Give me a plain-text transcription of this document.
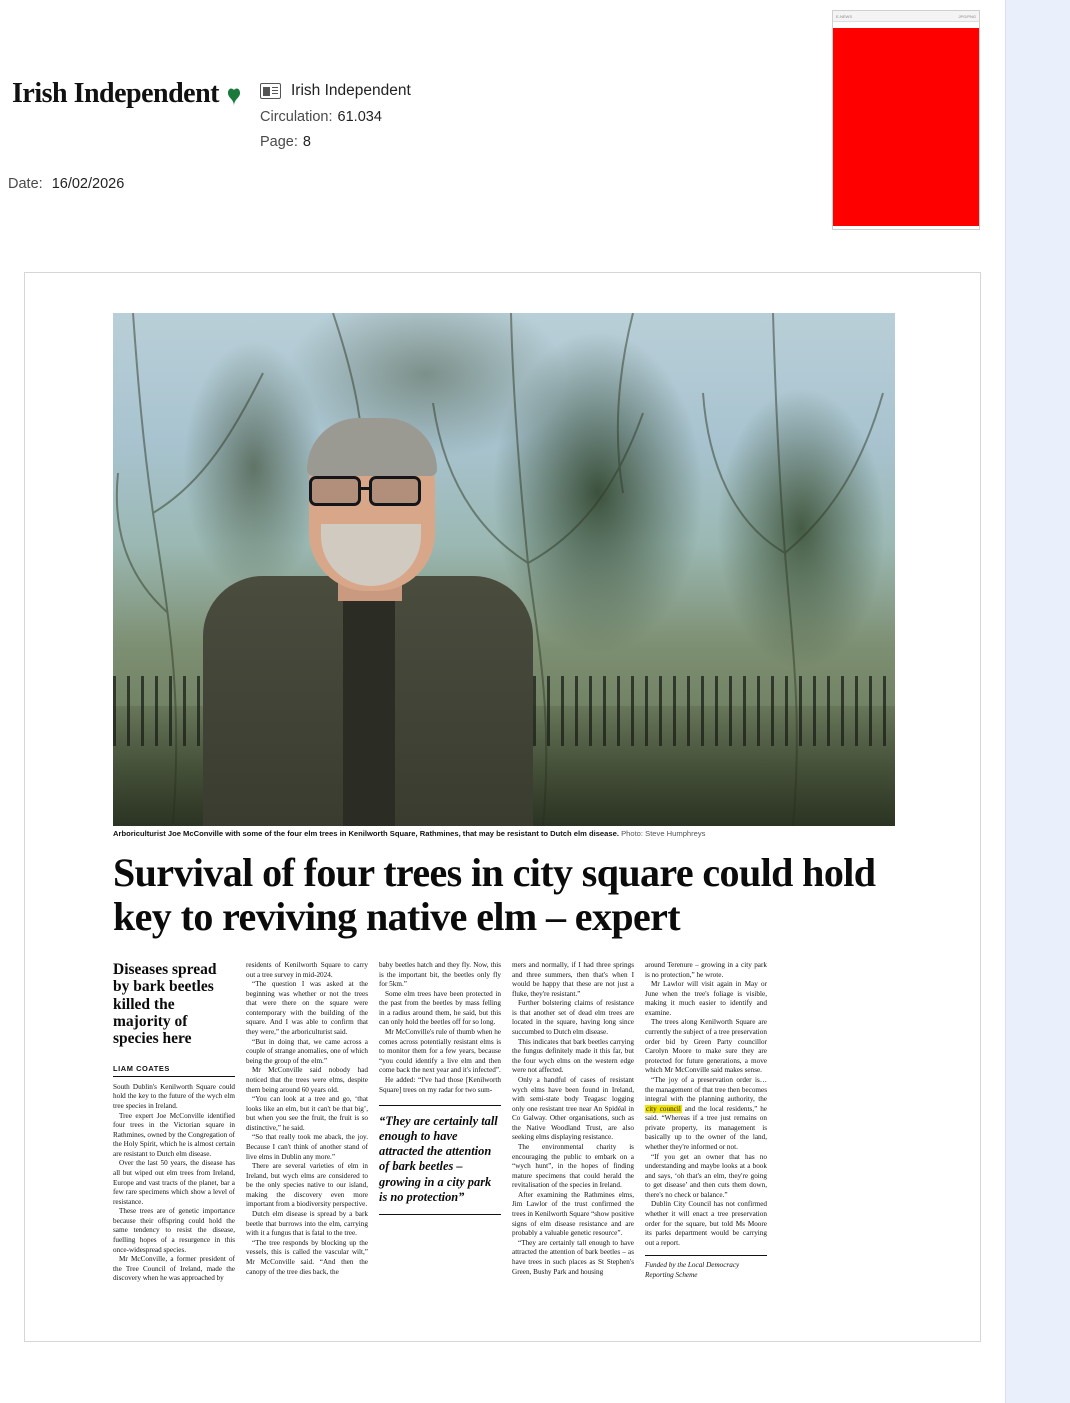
Irish Independent	Irish Independent
Circulation: 61.034
Page: 8
Date: 16/02/2026
E-NEWS	JPG/PNG
Arboriculturist Joe McConville with some of the four elm trees in Kenilworth Square, Rathmines, that may be resistant to Dutch elm disease. Photo: Steve Humphreys
Survival of four trees in city square could hold key to reviving native elm – expert
Diseases spread by bark beetles killed the majority of species here
LIAM COATES

South Dublin's Kenilworth Square could hold the key to the future of the wych elm tree species in Ireland.

Tree expert Joe McConville identified four trees in the Victorian square in Rathmines, owned by the Congregation of the Holy Spirit, which he is almost certain are resistant to Dutch elm disease.

Over the last 50 years, the disease has all but wiped out elm trees from Ireland, Europe and vast tracts of the planet, bar a few rare specimens which show a level of resistance.

These trees are of genetic importance because their offspring could hold the same tendency to resist the disease, fuelling hopes of a resurgence in this once-widespread species.

Mr McConville, a former president of the Tree Council of Ireland, made the discovery when he was approached by

residents of Kenilworth Square to carry out a tree survey in mid-2024.

“The question I was asked at the beginning was whether or not the trees that were there on the square were contemporary with the building of the square. And I was able to confirm that they were,” the arboriculturist said.

“But in doing that, we came across a couple of strange anomalies, one of which being the group of the elm.”

Mr McConville said nobody had noticed that the trees were elms, despite them being around 60 years old.

“You can look at a tree and go, ‘that looks like an elm, but it can't be that big’, but when you see the fruit, the fruit is so distinctive,” he said.

“So that really took me aback, the joy. Because I can't think of another stand of live elms in Dublin any more.”

There are several varieties of elm in Ireland, but wych elms are considered to be the only species native to our island, making the discovery even more important from a biodiversity perspective.

Dutch elm disease is spread by a bark beetle that burrows into the elm, carrying with it a fungus that is fatal to the tree.

“The tree responds by blocking up the vessels, this is called the vascular wilt,” Mr McConville said. “And then the canopy of the tree dies back, the

baby beetles hatch and they fly. Now, this is the important bit, the beetles only fly for 5km.”

Some elm trees have been protected in the past from the beetles by mass felling in a radius around them, he said, but this can only hold the beetles off for so long.

Mr McConville's rule of thumb when he comes across potentially resistant elms is to monitor them for a few years, because “you could identify a live elm and then come back the next year and it's infected”.

He added: “I've had those [Kenilworth Square] trees on my radar for two sum-

“They are certainly tall enough to have attracted the attention of bark beetles – growing in a city park is no protection”

mers and normally, if I had three springs and three summers, then that's when I would be happy that these are not just a fluke, they're resistant.”

Further bolstering claims of resistance is that another set of dead elm trees are located in the square, having long since succumbed to Dutch elm disease.

This indicates that bark beetles carrying the fungus definitely made it this far, but the four wych elms on the western edge were not affected.

Only a handful of cases of resistant wych elms have been found in Ireland, with semi-state body Teagasc logging only one resistant tree near An Spidéal in Co Galway. Other organisations, such as the Native Woodland Trust, are also seeking elms displaying resistance.

The environmental charity is encouraging the public to embark on a “wych hunt”, in the hopes of finding mature specimens that could herald the revitalisation of the species in Ireland.

After examining the Rathmines elms, Jim Lawlor of the trust confirmed the trees in Kenilworth Square “show positive signs of elm disease resistance and are probably a valuable genetic resource”.

“They are certainly tall enough to have attracted the attention of bark beetles – as have trees in such places as St Stephen's Green, Bushy Park and housing

around Terenure – growing in a city park is no protection,” he wrote.

Mr Lawlor will visit again in May or June when the tree's foliage is visible, making it much easier to identify and examine.

The trees along Kenilworth Square are currently the subject of a tree preservation order bid by Green Party councillor Carolyn Moore to make sure they are protected for future generations, a move which Mr McConville said makes sense.

“The joy of a preservation order is… the management of that tree then becomes integral with the planning authority, the city council and the local residents,” he said. “Whereas if a tree just remains on private property, its management is basically up to the owner of the land, whether they're informed or not.

“If you get an owner that has no understanding and maybe looks at a book and says, ‘oh that's an elm, they're going to get disease’ and then cuts them down, there's no check or balance.”

Dublin City Council has not confirmed whether it will enact a tree preservation order for the square, but told Ms Moore its parks department would be carrying out a report.

Funded by the Local Democracy Reporting Scheme
